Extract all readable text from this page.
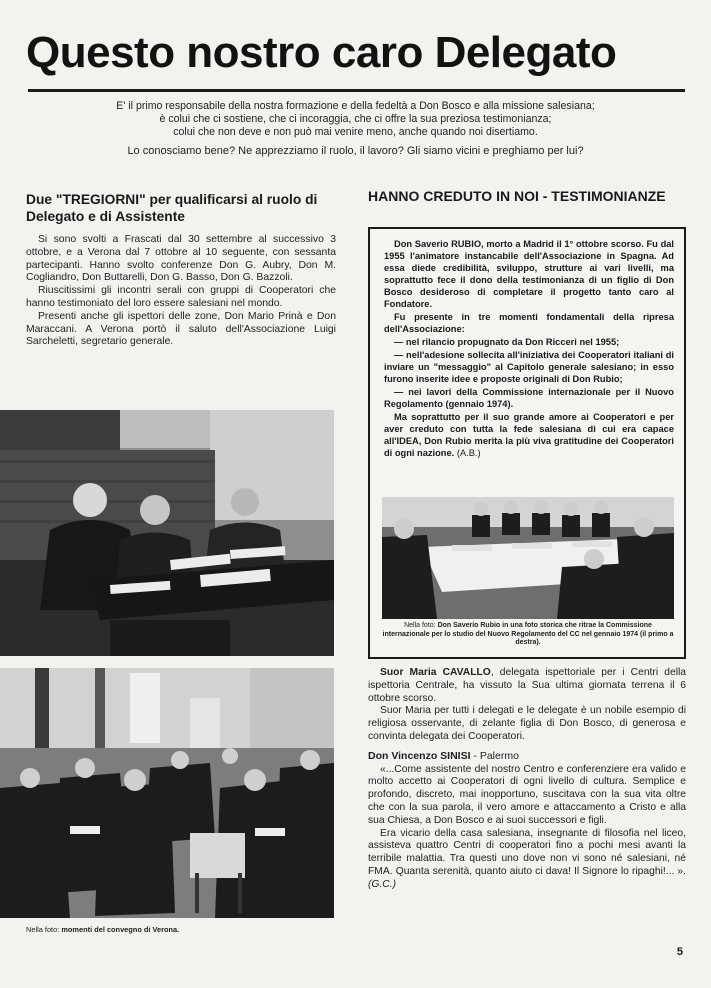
Questo nostro caro Delegato

E' il primo responsabile della nostra formazione e della fedeltà a Don Bosco e alla missione salesiana;

è colui che ci sostiene, che ci incoraggia, che ci offre la sua preziosa testimonianza;

colui che non deve e non può mai venire meno, anche quando noi disertiamo.

Lo conosciamo bene? Ne apprezziamo il ruolo, il lavoro? Gli siamo vicini e preghiamo per lui?

Due "TREGIORNI" per qualificarsi al ruolo di Delegato e di Assistente

Si sono svolti a Frascati dal 30 settembre al successivo 3 ottobre, e a Verona dal 7 ottobre al 10 seguente, con sessanta partecipanti. Hanno svolto conferenze Don G. Aubry, Don M. Cogliandro, Don Buttarelli, Don G. Basso, Don G. Bazzoli.

Riuscitissimi gli incontri serali con gruppi di Cooperatori che hanno testimoniato del loro essere salesiani nel mondo.

Presenti anche gli ispettori delle zone, Don Mario Prinà e Don Maraccani. A Verona portò il saluto dell'Associazione Luigi Sarcheletti, segretario generale.

Nella foto: momenti del convegno di Verona.
HANNO CREDUTO IN NOI - TESTIMONIANZE

Don Saverio RUBIO, morto a Madrid il 1° ottobre scorso. Fu dal 1955 l'animatore instancabile dell'Associazione in Spagna. Ad essa diede credibilità, sviluppo, strutture ai vari livelli, ma soprattutto fece il dono della testimonianza di un figlio di Don Bosco desideroso di completare il progetto tanto caro al Fondatore.

Fu presente in tre momenti fondamentali della ripresa dell'Associazione:

— nel rilancio propugnato da Don Ricceri nel 1955;

— nell'adesione sollecita all'iniziativa dei Cooperatori italiani di inviare un "messaggio" al Capitolo generale salesiano; in esso furono inserite idee e proposte originali di Don Rubio;

— nei lavori della Commissione internazionale per il Nuovo Regolamento (gennaio 1974).

Ma soprattutto per il suo grande amore ai Cooperatori e per aver creduto con tutta la fede salesiana di cui era capace all'IDEA, Don Rubio merita la più viva gratitudine dei Cooperatori di ogni nazione. (A.B.)

Nella foto: Don Saverio Rubio in una foto storica che ritrae la Commissione internazionale per lo studio del Nuovo Regolamento del CC nel gennaio 1974 (il primo a destra).

Suor Maria CAVALLO, delegata ispettoriale per i Centri della ispettoria Centrale, ha vissuto la Sua ultima giornata terrena il 6 ottobre scorso.

Suor Maria per tutti i delegati e le delegate è un nobile esempio di religiosa osservante, di zelante figlia di Don Bosco, di generosa e convinta delegata dei Cooperatori.

Don Vincenzo SINISI - Palermo

«...Come assistente del nostro Centro e conferenziere era valido e molto accetto ai Cooperatori di ogni livello di cultura. Semplice e profondo, discreto, mai inopportuno, suscitava con la sua vita oltre che con la sua parola, il vero amore e attaccamento a Cristo e alla sua Chiesa, a Don Bosco e ai suoi successori e figli.

Era vicario della casa salesiana, insegnante di filosofia nel liceo, assisteva quattro Centri di cooperatori fino a pochi mesi avanti la terribile malattia. Tra questi uno dove non vi sono né salesiani, né FMA. Quanta serenità, quanto aiuto ci dava! Il Signore lo ripaghi!... ». (G.C.)

5
